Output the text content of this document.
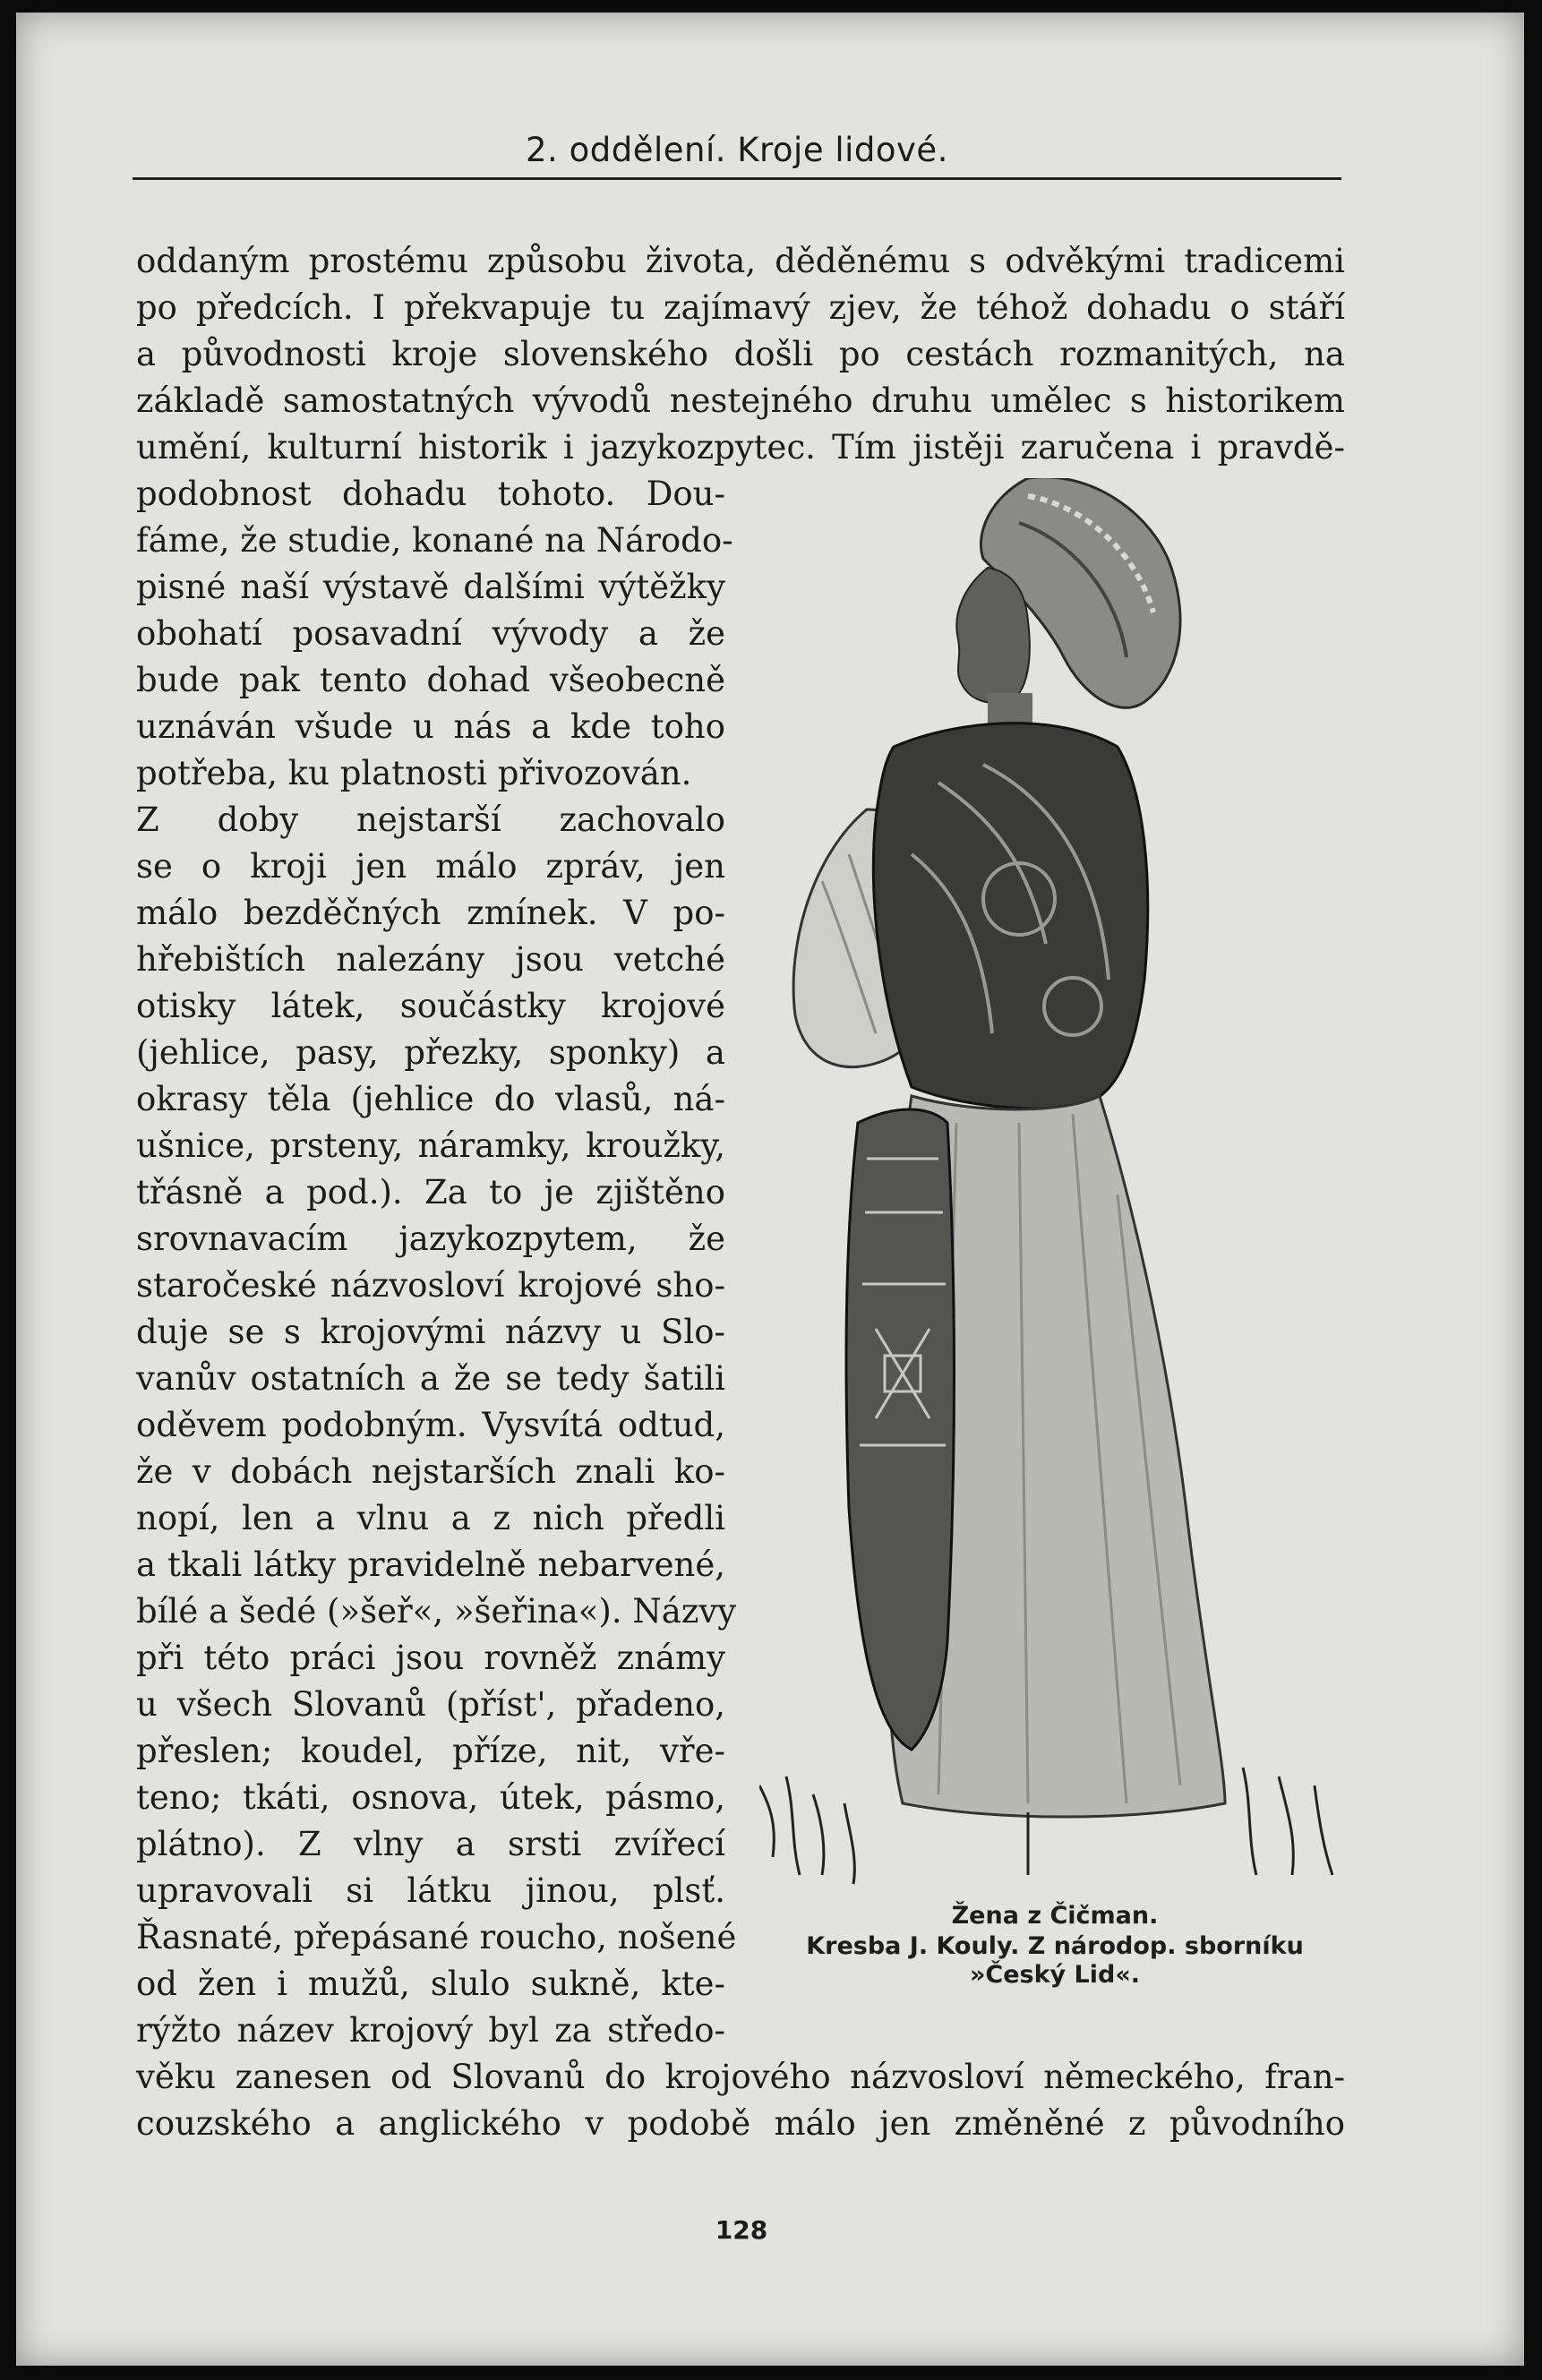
2. oddělení. Kroje lidové.
oddaným prostému způsobu života, děděnému s odvěkými tradicemi
po předcích. I překvapuje tu zajímavý zjev, že téhož dohadu o stáří
a původnosti kroje slovenského došli po cestách rozmanitých, na
základě samostatných vývodů nestejného druhu umělec s historikem
umění, kulturní historik i jazykozpytec. Tím jistěji zaručena i pravdě-
podobnost dohadu tohoto. Dou-
fáme, že studie, konané na Národo-
pisné naší výstavě dalšími výtěžky
obohatí posavadní vývody a že
bude pak tento dohad všeobecně
uznáván všude u nás a kde toho
potřeba, ku platnosti přivozován.
Z doby nejstarší zachovalo
se o kroji jen málo zpráv, jen
málo bezděčných zmínek. V po-
hřebištích nalezány jsou vetché
otisky látek, součástky krojové
(jehlice, pasy, přezky, sponky) a
okrasy těla (jehlice do vlasů, ná-
ušnice, prsteny, náramky, kroužky,
třásně a pod.). Za to je zjištěno
srovnavacím jazykozpytem, že
staročeské názvosloví krojové sho-
duje se s krojovými názvy u Slo-
vanův ostatních a že se tedy šatili
oděvem podobným. Vysvítá odtud,
že v dobách nejstarších znali ko-
nopí, len a vlnu a z nich předli
a tkali látky pravidelně nebarvené,
bílé a šedé (»šeř«, »šeřina«). Názvy
při této práci jsou rovněž známy
u všech Slovanů (příst', přadeno,
přeslen; koudel, příze, nit, vře-
teno; tkáti, osnova, útek, pásmo,
plátno). Z vlny a srsti zvířecí
upravovali si látku jinou, plsť.
Řasnaté, přepásané roucho, nošené
od žen i mužů, slulo sukně, kte-
rýžto název krojový byl za středo-
věku zanesen od Slovanů do krojového názvosloví německého, fran-
couzského a anglického v podobě málo jen změněné z původního
Žena z Čičman.
Kresba J. Kouly. Z národop. sborníku
»Český Lid«.
128
